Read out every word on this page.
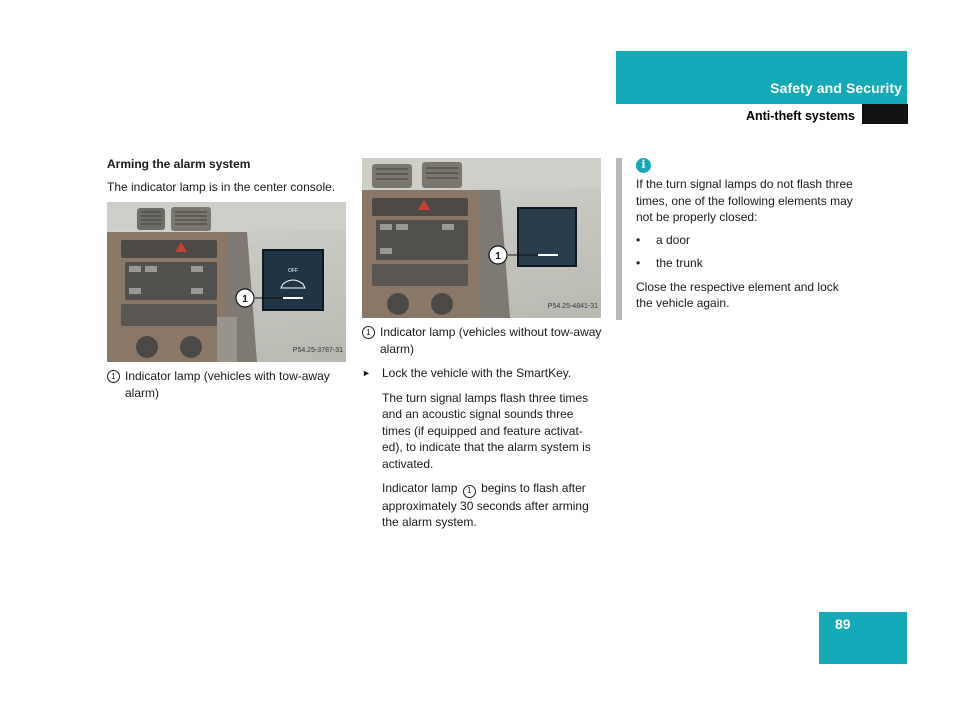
Safety and Security
Anti-theft systems
Arming the alarm system

The indicator lamp is in the center console.

OFF
1
P54.25-3787-31
1 Indicator lamp (vehicles with tow-away alarm)
1
P54.25-4841-31
1 Indicator lamp (vehicles without tow-away alarm)
► Lock the vehicle with the SmartKey.

The turn signal lamps flash three times and an acoustic signal sounds three times (if equipped and feature activat-ed), to indicate that the alarm system is activated.

Indicator lamp 1 begins to flash after approximately 30 seconds after arming the alarm system.

i

If the turn signal lamps do not flash three times, one of the following elements may not be properly closed:

•	a door
•	the trunk

Close the respective element and lock the vehicle again.

89
